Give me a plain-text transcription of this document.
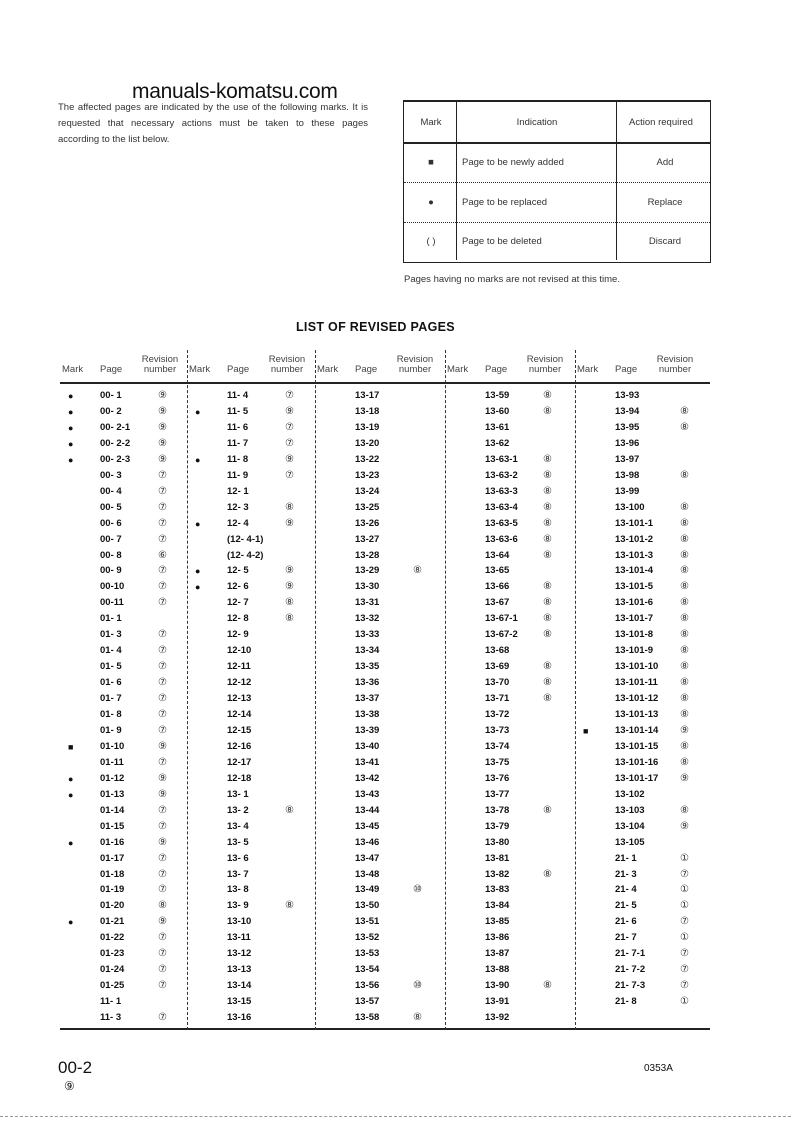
manuals-komatsu.com
The affected pages are indicated by the use of the following marks. It is requested that necessary actions must be taken to these pages according to the list below.
Mark	Indication	Action required
■	Page to be newly added	Add
●	Page to be replaced	Replace
( )	Page to be deleted	Discard
Pages having no marks are not revised at this time.
LIST OF REVISED PAGES
Mark Page
Revision number
●	00- 1	⑨
●	00- 2	⑨
●	00- 2-1	⑨
●	00- 2-2	⑨
●	00- 2-3	⑨
00- 3	⑦
00- 4	⑦
00- 5	⑦
00- 6	⑦
00- 7	⑦
00- 8	⑥
00- 9	⑦
00-10	⑦
00-11	⑦
01- 1
01- 3	⑦
01- 4	⑦
01- 5	⑦
01- 6	⑦
01- 7	⑦
01- 8	⑦
01- 9	⑦
■	01-10	⑨
01-11	⑦
●	01-12	⑨
●	01-13	⑨
01-14	⑦
01-15	⑦
●	01-16	⑨
01-17	⑦
01-18	⑦
01-19	⑦
01-20	⑧
●	01-21	⑨
01-22	⑦
01-23	⑦
01-24	⑦
01-25	⑦
11- 1
11- 3	⑦
Mark Page
Revision number
11- 4	⑦
●	11- 5	⑨
11- 6	⑦
11- 7	⑦
●	11- 8	⑨
11- 9	⑦
12- 1
12- 3	⑧
●	12- 4	⑨
(12- 4-1)
(12- 4-2)
●	12- 5	⑨
●	12- 6	⑨
12- 7	⑧
12- 8	⑧
12- 9
12-10
12-11
12-12
12-13
12-14
12-15
12-16
12-17
12-18
13- 1
13- 2	⑧
13- 4
13- 5
13- 6
13- 7
13- 8
13- 9	⑧
13-10
13-11
13-12
13-13
13-14
13-15
13-16
Mark Page
Revision number
13-17
13-18
13-19
13-20
13-22
13-23
13-24
13-25
13-26
13-27
13-28
13-29	⑧
13-30
13-31
13-32
13-33
13-34
13-35
13-36
13-37
13-38
13-39
13-40
13-41
13-42
13-43
13-44
13-45
13-46
13-47
13-48
13-49	⑩
13-50
13-51
13-52
13-53
13-54
13-56	⑩
13-57
13-58	⑧
Mark Page
Revision number
13-59	⑧
13-60	⑧
13-61
13-62
13-63-1	⑧
13-63-2	⑧
13-63-3	⑧
13-63-4	⑧
13-63-5	⑧
13-63-6	⑧
13-64	⑧
13-65
13-66	⑧
13-67	⑧
13-67-1	⑧
13-67-2	⑧
13-68
13-69	⑧
13-70	⑧
13-71	⑧
13-72
13-73
13-74
13-75
13-76
13-77
13-78	⑧
13-79
13-80
13-81
13-82	⑧
13-83
13-84
13-85
13-86
13-87
13-88
13-90	⑧
13-91
13-92
Mark Page
Revision number
13-93
13-94	⑧
13-95	⑧
13-96
13-97
13-98	⑧
13-99
13-100	⑧
13-101-1	⑧
13-101-2	⑧
13-101-3	⑧
13-101-4	⑧
13-101-5	⑧
13-101-6	⑧
13-101-7	⑧
13-101-8	⑧
13-101-9	⑧
13-101-10 ⑧
13-101-11 ⑧
13-101-12 ⑧
13-101-13 ⑧
■	13-101-14 ⑨
13-101-15 ⑧
13-101-16 ⑧
13-101-17 ⑨
13-102
13-103	⑧
13-104	⑨
13-105
21- 1	①
21- 3	⑦
21- 4	①
21- 5	①
21- 6	⑦
21- 7	①
21- 7-1	⑦
21- 7-2	⑦
21- 7-3	⑦
21- 8	①
00-2
⑨
0353A
